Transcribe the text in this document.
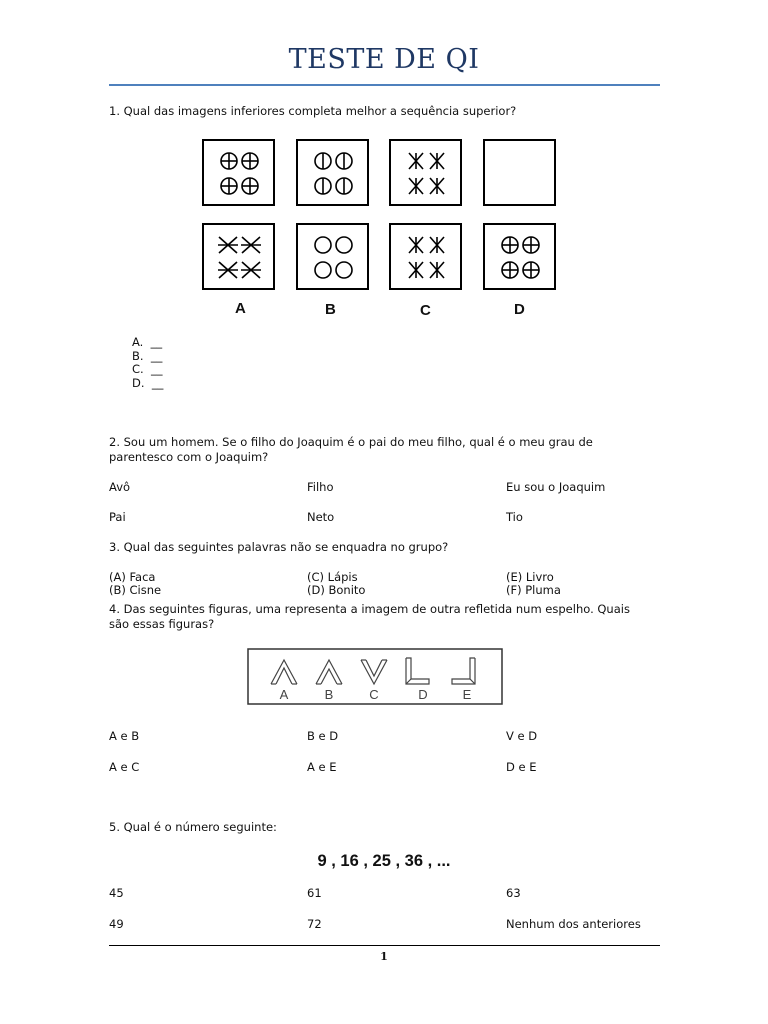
TESTE DE QI
1. Qual das imagens inferiores completa melhor a sequência superior?
A	B	C	D
A. __
B. __
C. __
D. __
2. Sou um homem. Se o filho do Joaquim é o pai do meu filho, qual é o meu grau de
parentesco com o Joaquim?
Avô	Filho	Eu sou o Joaquim
Pai	Neto	Tio
3. Qual das seguintes palavras não se enquadra no grupo?
(A) Faca	(C) Lápis	(E) Livro
(B) Cisne	(D) Bonito	(F) Pluma
4. Das seguintes figuras, uma representa a imagem de outra refletida num espelho. Quais
são essas figuras?
A	B	C	D	E
A e B	B e D	V e D
A e C	A e E	D e E
5. Qual é o número seguinte:
9 , 16 , 25 , 36 , ...
45	61	63
49	72	Nenhum dos anteriores
1
